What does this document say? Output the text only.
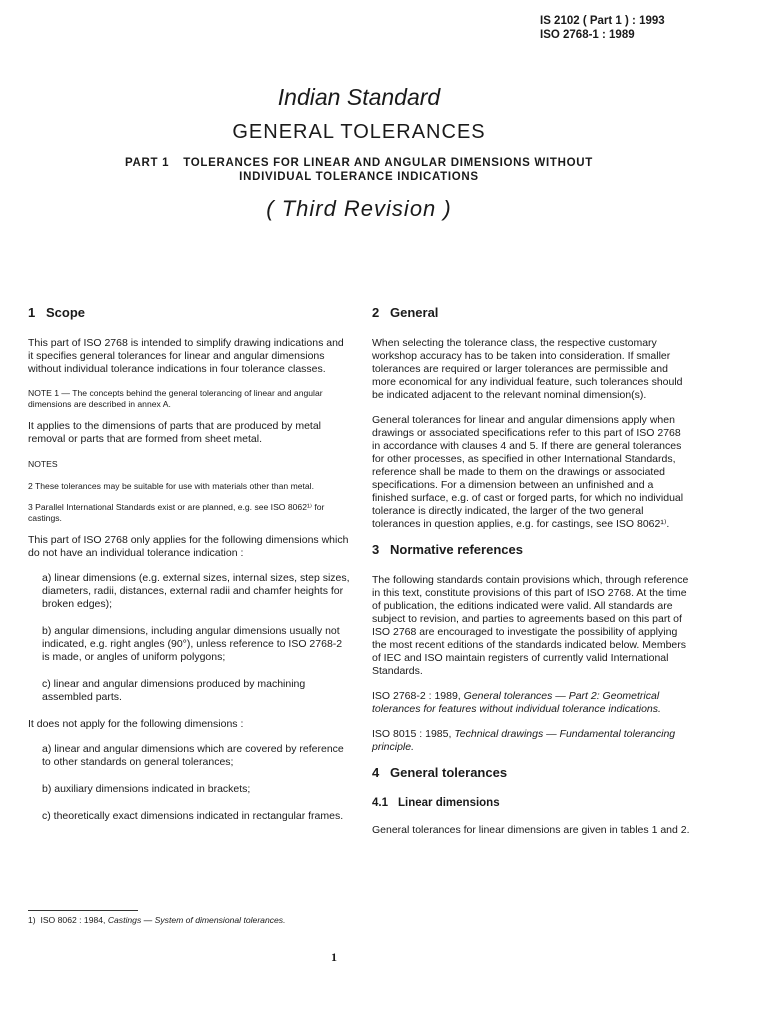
IS 2102 ( Part 1 ) : 1993
ISO 2768-1 : 1989
Indian Standard
GENERAL TOLERANCES
PART 1 TOLERANCES FOR LINEAR AND ANGULAR DIMENSIONS WITHOUT
INDIVIDUAL TOLERANCE INDICATIONS
( Third Revision )
1 Scope

This part of ISO 2768 is intended to simplify drawing indications and it specifies general tolerances for linear and angular dimensions without individual tolerance indications in four tolerance classes.

NOTE 1 — The concepts behind the general tolerancing of linear and angular dimensions are described in annex A.

It applies to the dimensions of parts that are produced by metal removal or parts that are formed from sheet metal.

NOTES

2 These tolerances may be suitable for use with materials other than metal.

3 Parallel International Standards exist or are planned, e.g. see ISO 8062¹⁾ for castings.

This part of ISO 2768 only applies for the following dimensions which do not have an individual tolerance indication :

a) linear dimensions (e.g. external sizes, internal sizes, step sizes, diameters, radii, distances, external radii and chamfer heights for broken edges);

b) angular dimensions, including angular dimensions usually not indicated, e.g. right angles (90°), unless reference to ISO 2768-2 is made, or angles of uniform polygons;

c) linear and angular dimensions produced by machining assembled parts.

It does not apply for the following dimensions :

a) linear and angular dimensions which are covered by reference to other standards on general tolerances;

b) auxiliary dimensions indicated in brackets;

c) theoretically exact dimensions indicated in rectangular frames.

2 General

When selecting the tolerance class, the respective customary workshop accuracy has to be taken into consideration. If smaller tolerances are required or larger tolerances are permissible and more economical for any individual feature, such tolerances should be indicated adjacent to the relevant nominal dimension(s).

General tolerances for linear and angular dimensions apply when drawings or associated specifications refer to this part of ISO 2768 in accordance with clauses 4 and 5. If there are general tolerances for other processes, as specified in other International Standards, reference shall be made to them on the drawings or associated specifications. For a dimension between an unfinished and a finished surface, e.g. of cast or forged parts, for which no individual tolerance is directly indicated, the larger of the two general tolerances in question applies, e.g. for castings, see ISO 8062¹⁾.

3 Normative references

The following standards contain provisions which, through reference in this text, constitute provisions of this part of ISO 2768. At the time of publication, the editions indicated were valid. All standards are subject to revision, and parties to agreements based on this part of ISO 2768 are encouraged to investigate the possibility of applying the most recent editions of the standards indicated below. Members of IEC and ISO maintain registers of currently valid International Standards.

ISO 2768-2 : 1989, General tolerances — Part 2: Geometrical tolerances for features without individual tolerance indications.

ISO 8015 : 1985, Technical drawings — Fundamental tolerancing principle.

4 General tolerances
4.1 Linear dimensions

General tolerances for linear dimensions are given in tables 1 and 2.

1) ISO 8062 : 1984, Castings — System of dimensional tolerances.
1
